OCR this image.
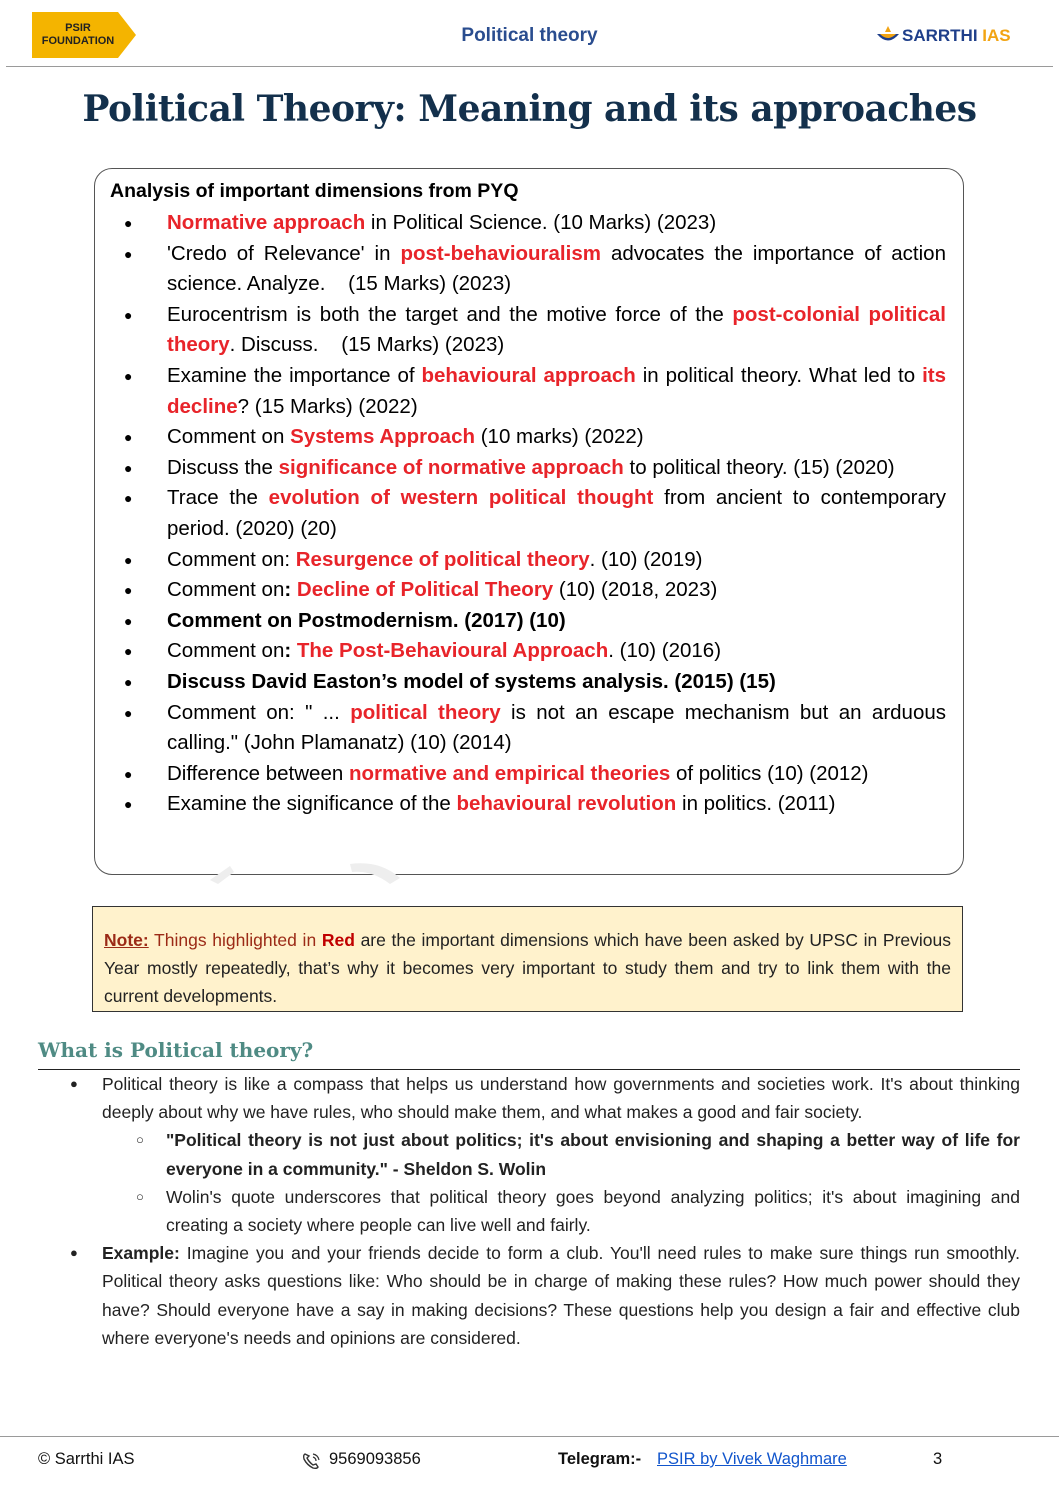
PSIR
FOUNDATION	Political theory	SARRTHI IAS
Political Theory: Meaning and its approaches
Analysis of important dimensions from PYQ
● Normative approach in Political Science. (10 Marks) (2023)
● 'Credo of Relevance' in post-behaviouralism advocates the importance of action science. Analyze.    (15 Marks) (2023)
● Eurocentrism is both the target and the motive force of the post-colonial political theory. Discuss.    (15 Marks) (2023)
● Examine the importance of behavioural approach in political theory. What led to its decline? (15 Marks) (2022)
● Comment on Systems Approach (10 marks) (2022)
● Discuss the significance of normative approach to political theory. (15) (2020)
● Trace the evolution of western political thought from ancient to contemporary period. (2020) (20)
● Comment on: Resurgence of political theory. (10) (2019)
● Comment on: Decline of Political Theory (10) (2018, 2023)
● Comment on Postmodernism. (2017) (10)
● Comment on: The Post-Behavioural Approach. (10) (2016)
● Discuss David Easton’s model of systems analysis. (2015) (15)
● Comment on: " ... political theory is not an escape mechanism but an arduous calling." (John Plamanatz) (10) (2014)
● Difference between normative and empirical theories of politics (10) (2012)
● Examine the significance of the behavioural revolution in politics. (2011)
Note: Things highlighted in Red are the important dimensions which have been asked by UPSC in Previous Year mostly repeatedly, that’s why it becomes very important to study them and try to link them with the current developments.
What is Political theory?
● Political theory is like a compass that helps us understand how governments and societies work. It's about thinking deeply about why we have rules, who should make them, and what makes a good and fair society.
○ "Political theory is not just about politics; it's about envisioning and shaping a better way of life for everyone in a community." - Sheldon S. Wolin
○ Wolin's quote underscores that political theory goes beyond analyzing politics; it's about imagining and creating a society where people can live well and fairly.
● Example: Imagine you and your friends decide to form a club. You'll need rules to make sure things run smoothly. Political theory asks questions like: Who should be in charge of making these rules? How much power should they have? Should everyone have a say in making decisions? These questions help you design a fair and effective club where everyone's needs and opinions are considered.
© Sarrthi IAS	9569093856	Telegram:- PSIR by Vivek Waghmare	3
